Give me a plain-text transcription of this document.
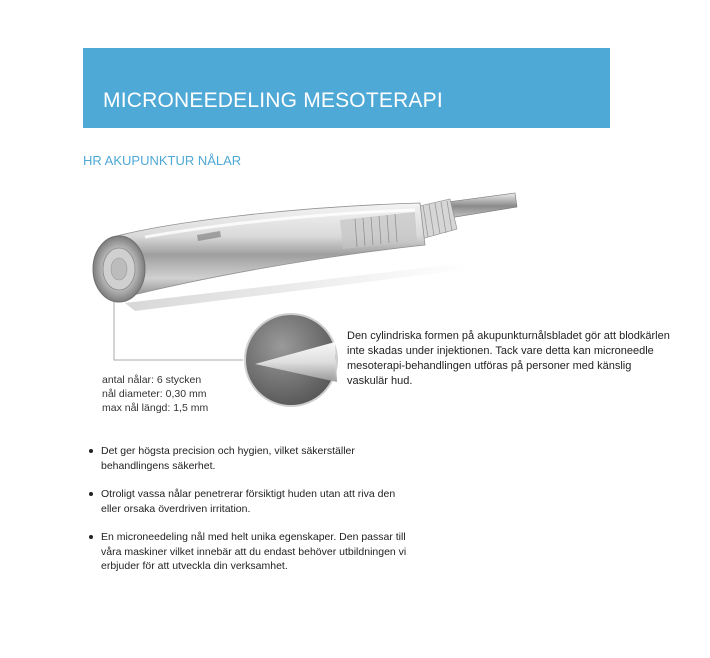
MICRONEEDELING MESOTERAPI
HR AKUPUNKTUR NÅLAR
antal nålar: 6 stycken
nål diameter: 0,30 mm
max nål längd: 1,5 mm

Den cylindriska formen på akupunkturnålsbladet gör att blodkärlen inte skadas under injektionen. Tack vare detta kan microneedle mesoterapi-behandlingen utföras på personer med känslig vaskulär hud.

Det ger högsta precision och hygien, vilket säkerställer behandlingens säkerhet.
Otroligt vassa nålar penetrerar försiktigt huden utan att riva den eller orsaka överdriven irritation.
En microneedeling nål med helt unika egenskaper. Den passar till våra maskiner vilket innebär att du endast behöver utbildningen vi erbjuder för att utveckla din verksamhet.
